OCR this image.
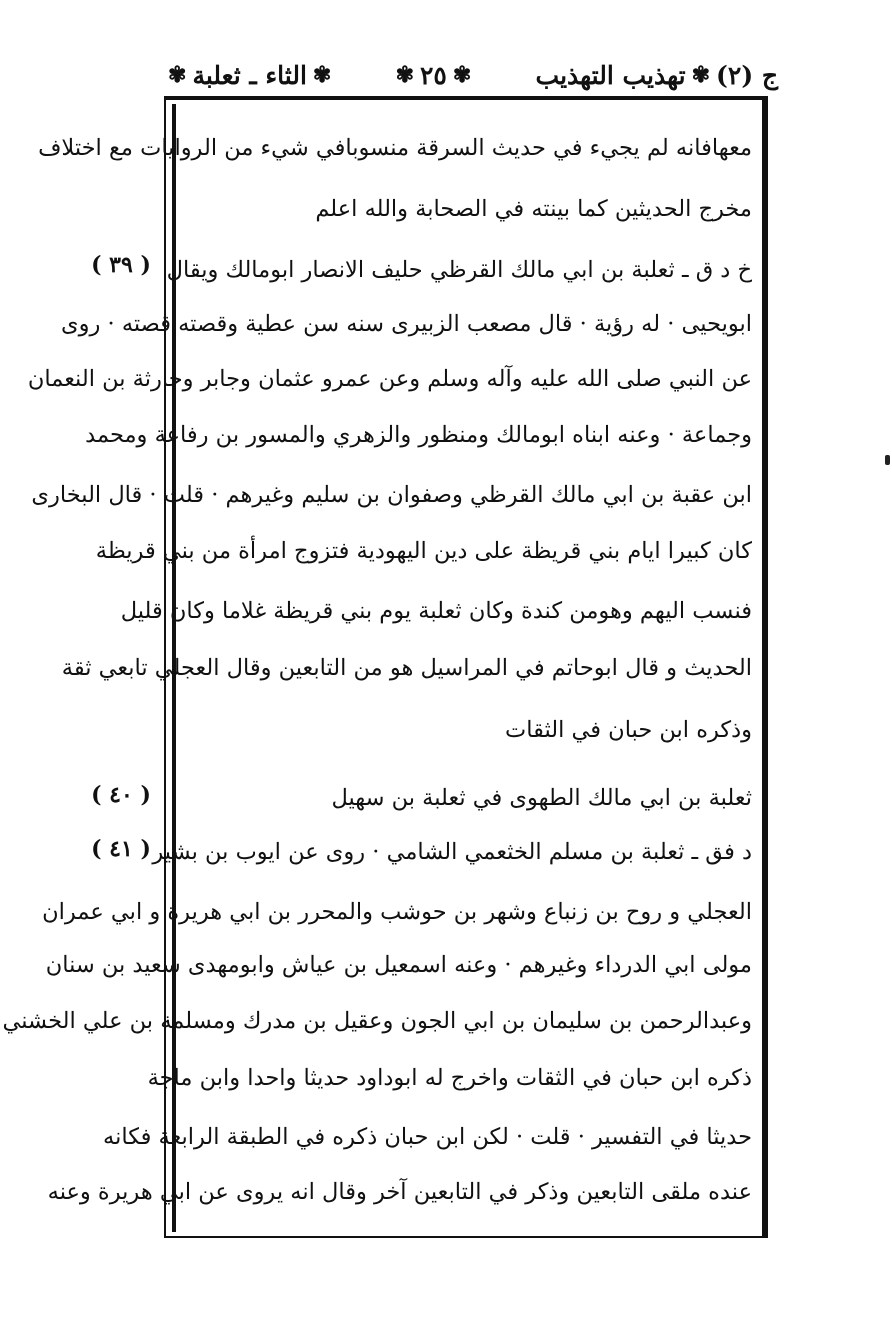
ج (٢)
✾
تهذيب التهذيب
✾
٢٥
✾
✾
الثاء ـ ثعلبة
✾
( ٣٩ )
( ٤٠ )
( ٤١ )
معهافانه لم يجيء في حديث السرقة منسوبافي شيء من الروايات مع اختلاف
مخرج الحديثين كما بينته في الصحابة والله اعلم
خ د ق ـ ثعلبة بن ابي مالك القرظي حليف الانصار ابومالك ويقال
ابويحيى · له رؤية · قال مصعب الزبيرى سنه سن عطية وقصته قصته · روى
عن النبي صلى الله عليه وآله وسلم وعن عمرو عثمان وجابر وحارثة بن النعمان
وجماعة · وعنه ابناه ابومالك ومنظور والزهري والمسور بن رفاعة ومحمد
ابن عقبة بن ابي مالك القرظي وصفوان بن سليم وغيرهم · قلت · قال البخارى
كان كبيرا ايام بني قريظة على دين اليهودية فتزوج امرأة من بني قريظة
فنسب اليهم وهومن كندة وكان ثعلبة يوم بني قريظة غلاما وكان قليل
الحديث و قال ابوحاتم في المراسيل هو من التابعين وقال العجلي تابعي ثقة
وذكره ابن حبان في الثقات
ثعلبة بن ابي مالك الطهوى في ثعلبة بن سهيل
د فق ـ ثعلبة بن مسلم الخثعمي الشامي · روى عن ايوب بن بشير
العجلي و روح بن زنباع وشهر بن حوشب والمحرر بن ابي هريرة و ابي عمران
مولى ابي الدرداء وغيرهم · وعنه اسمعيل بن عياش وابومهدى سعيد بن سنان
وعبدالرحمن بن سليمان بن ابي الجون وعقيل بن مدرك ومسلمة بن علي الخشني
ذكره ابن حبان في الثقات واخرج له ابوداود حديثا واحدا وابن ماجة
حديثا في التفسير · قلت · لكن ابن حبان ذكره في الطبقة الرابعة فكانه
عنده ملقى التابعين وذكر في التابعين آخر وقال انه يروى عن ابي هريرة وعنه
